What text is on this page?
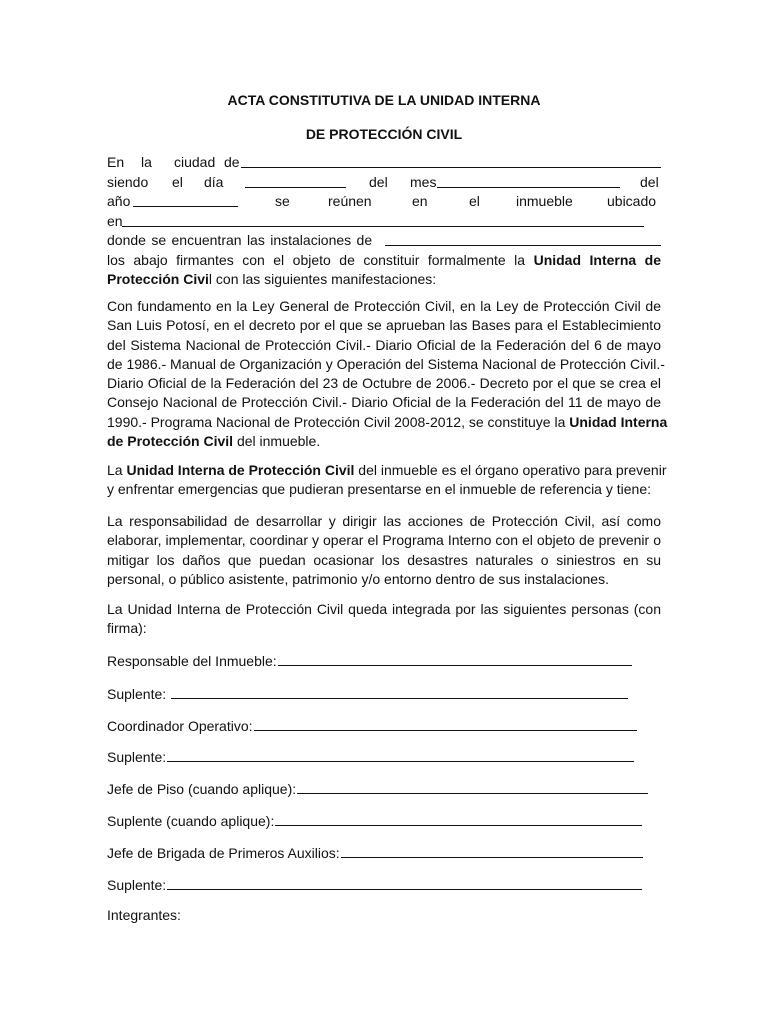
ACTA CONSTITUTIVA DE LA UNIDAD INTERNA
DE PROTECCIÓN CIVIL
En la ciudad de
siendo el día	del mes	del
año	se	reúnen	en	el	inmueble ubicado
en
donde se encuentran las instalaciones de
los abajo firmantes con el objeto de constituir formalmente la Unidad Interna de
Protección Civil con las siguientes manifestaciones:
Con fundamento en la Ley General de Protección Civil, en la Ley de Protección Civil de
San Luis Potosí, en el decreto por el que se aprueban las Bases para el Establecimiento
del Sistema Nacional de Protección Civil.- Diario Oficial de la Federación del 6 de mayo
de 1986.- Manual de Organización y Operación del Sistema Nacional de Protección Civil.-
Diario Oficial de la Federación del 23 de Octubre de 2006.- Decreto por el que se crea el
Consejo Nacional de Protección Civil.- Diario Oficial de la Federación del 11 de mayo de
1990.- Programa Nacional de Protección Civil 2008-2012, se constituye la Unidad Interna
de Protección Civil del inmueble.
La Unidad Interna de Protección Civil del inmueble es el órgano operativo para prevenir
y enfrentar emergencias que pudieran presentarse en el inmueble de referencia y tiene:
La responsabilidad de desarrollar y dirigir las acciones de Protección Civil, así como
elaborar, implementar, coordinar y operar el Programa Interno con el objeto de prevenir o
mitigar los daños que puedan ocasionar los desastres naturales o siniestros en su
personal, o público asistente, patrimonio y/o entorno dentro de sus instalaciones.
La Unidad Interna de Protección Civil queda integrada por las siguientes personas (con
firma):
Responsable del Inmueble:
Suplente:
Coordinador Operativo:
Suplente:
Jefe de Piso (cuando aplique):
Suplente (cuando aplique):
Jefe de Brigada de Primeros Auxilios:
Suplente:
Integrantes:
